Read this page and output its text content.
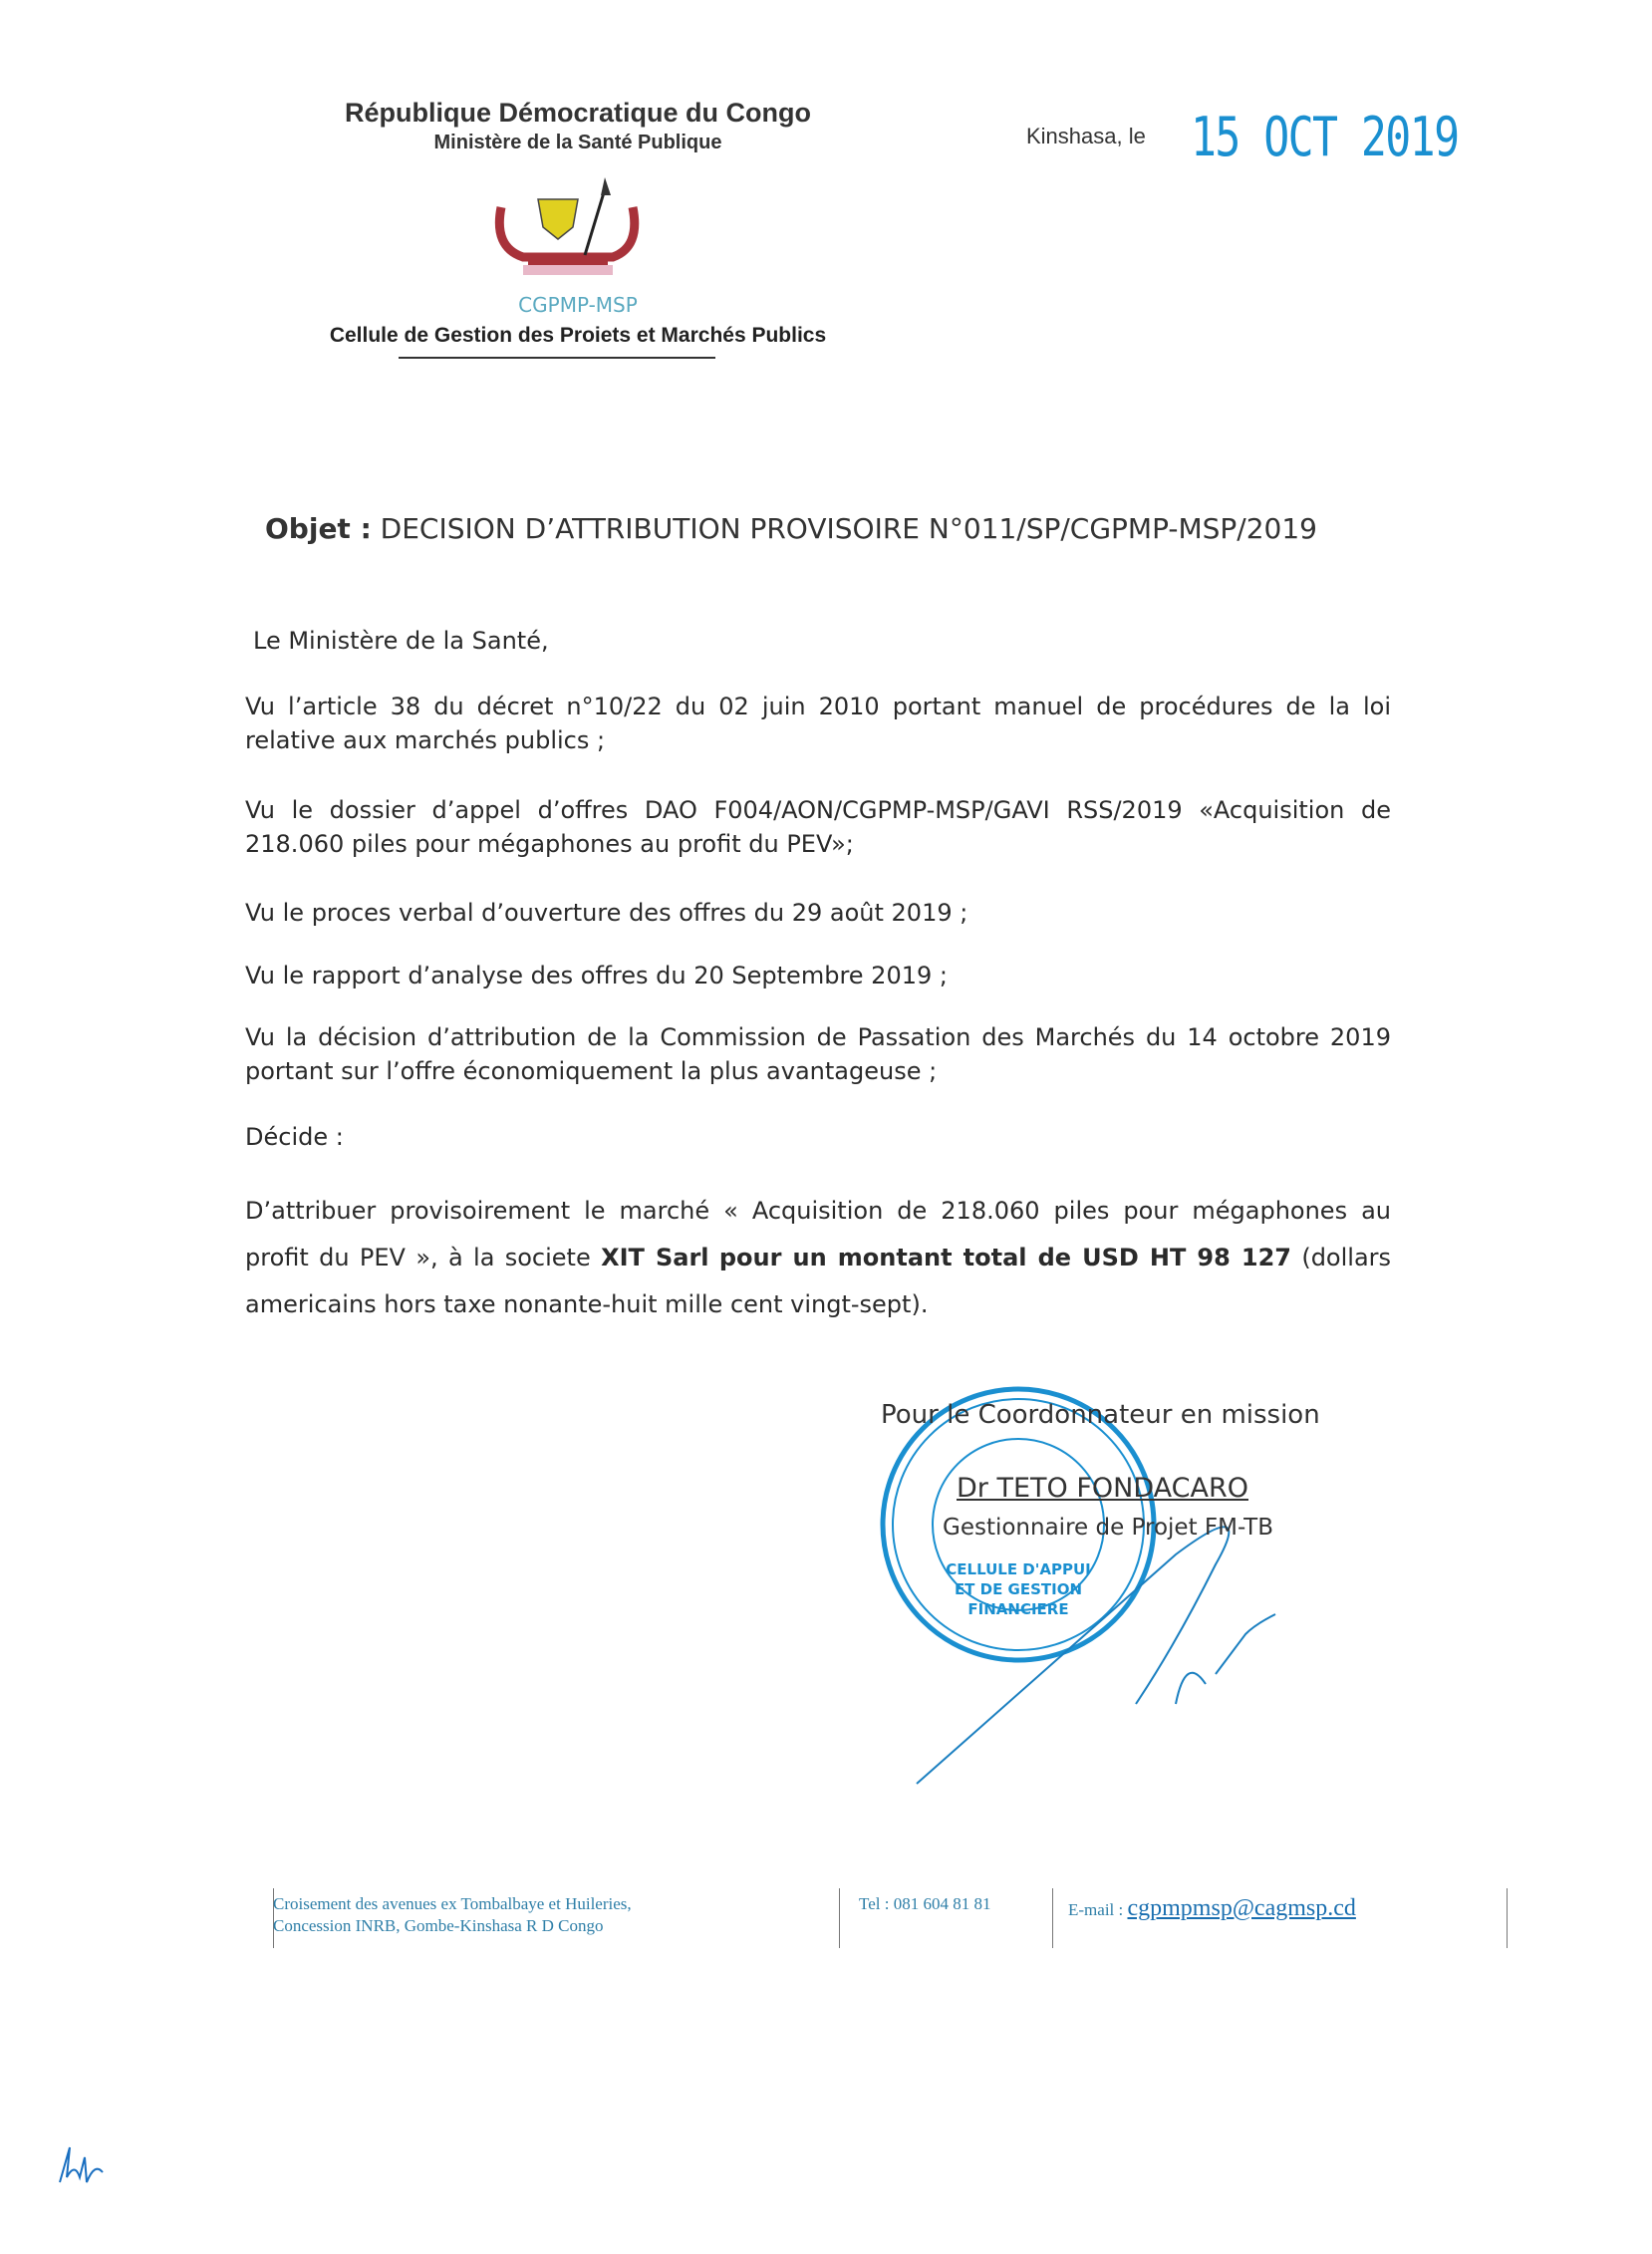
République Démocratique du Congo
Ministère de la Santé Publique
CGPMP-MSP
Cellule de Gestion des Proiets et Marchés Publics
Kinshasa, le 15 OCT 2019
Objet : DECISION D’ATTRIBUTION PROVISOIRE N°011/SP/CGPMP-MSP/2019
Le Ministère de la Santé,
Vu l’article 38 du décret n°10/22 du 02 juin 2010 portant manuel de procédures de la loi relative aux marchés publics ;
Vu le dossier d’appel d’offres DAO F004/AON/CGPMP-MSP/GAVI RSS/2019 «Acquisition de 218.060 piles pour mégaphones au profit du PEV»;
Vu le proces verbal d’ouverture des offres du 29 août 2019 ;
Vu le rapport d’analyse des offres du 20 Septembre 2019 ;
Vu la décision d’attribution de la Commission de Passation des Marchés du 14 octobre 2019 portant sur l’offre économiquement la plus avantageuse ;
Décide :
D’attribuer provisoirement le marché « Acquisition de 218.060 piles pour mégaphones au profit du PEV », à la societe XIT Sarl pour un montant total de USD HT 98 127 (dollars americains hors taxe nonante-huit mille cent vingt-sept).
CELLULE D'APPUI
ET DE GESTION
FINANCIERE
Pour le Coordonnateur en mission
Dr TETO FONDACARO
Gestionnaire de Projet FM-TB
Croisement des avenues ex Tombalbaye et Huileries,
Concession INRB, Gombe-Kinshasa R D Congo
Tel : 081 604 81 81	E-mail : cgpmpmsp@cagmsp.cd
